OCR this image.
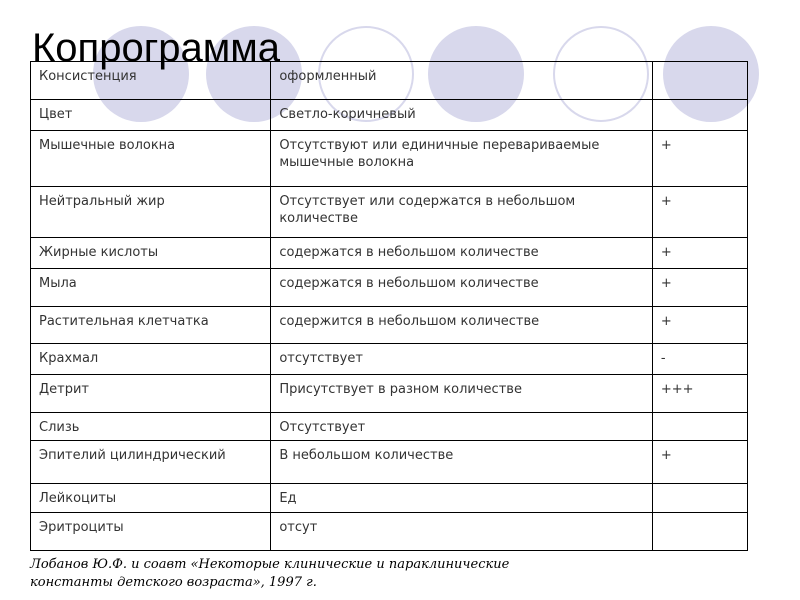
Копрограмма
Консистенция	оформленный	
Цвет	Светло-коричневый	
Мышечные волокна	Отсутствуют или единичные перевариваемые мышечные волокна	+
Нейтральный жир	Отсутствует или содержатся в небольшом количестве	+
Жирные кислоты	содержатся в небольшом количестве	+
Мыла	содержатся в небольшом количестве	+
Растительная клетчатка	содержится в небольшом количестве	+
Крахмал	отсутствует	-
Детрит	Присутствует в разном количестве	+++
Слизь	Отсутствует	
Эпителий цилиндрический	В небольшом количестве	+
Лейкоциты	Ед	
Эритроциты	отсут	
Лобанов Ю.Ф. и соавт «Некоторые клинические и параклинические
константы детского возраста», 1997 г.
